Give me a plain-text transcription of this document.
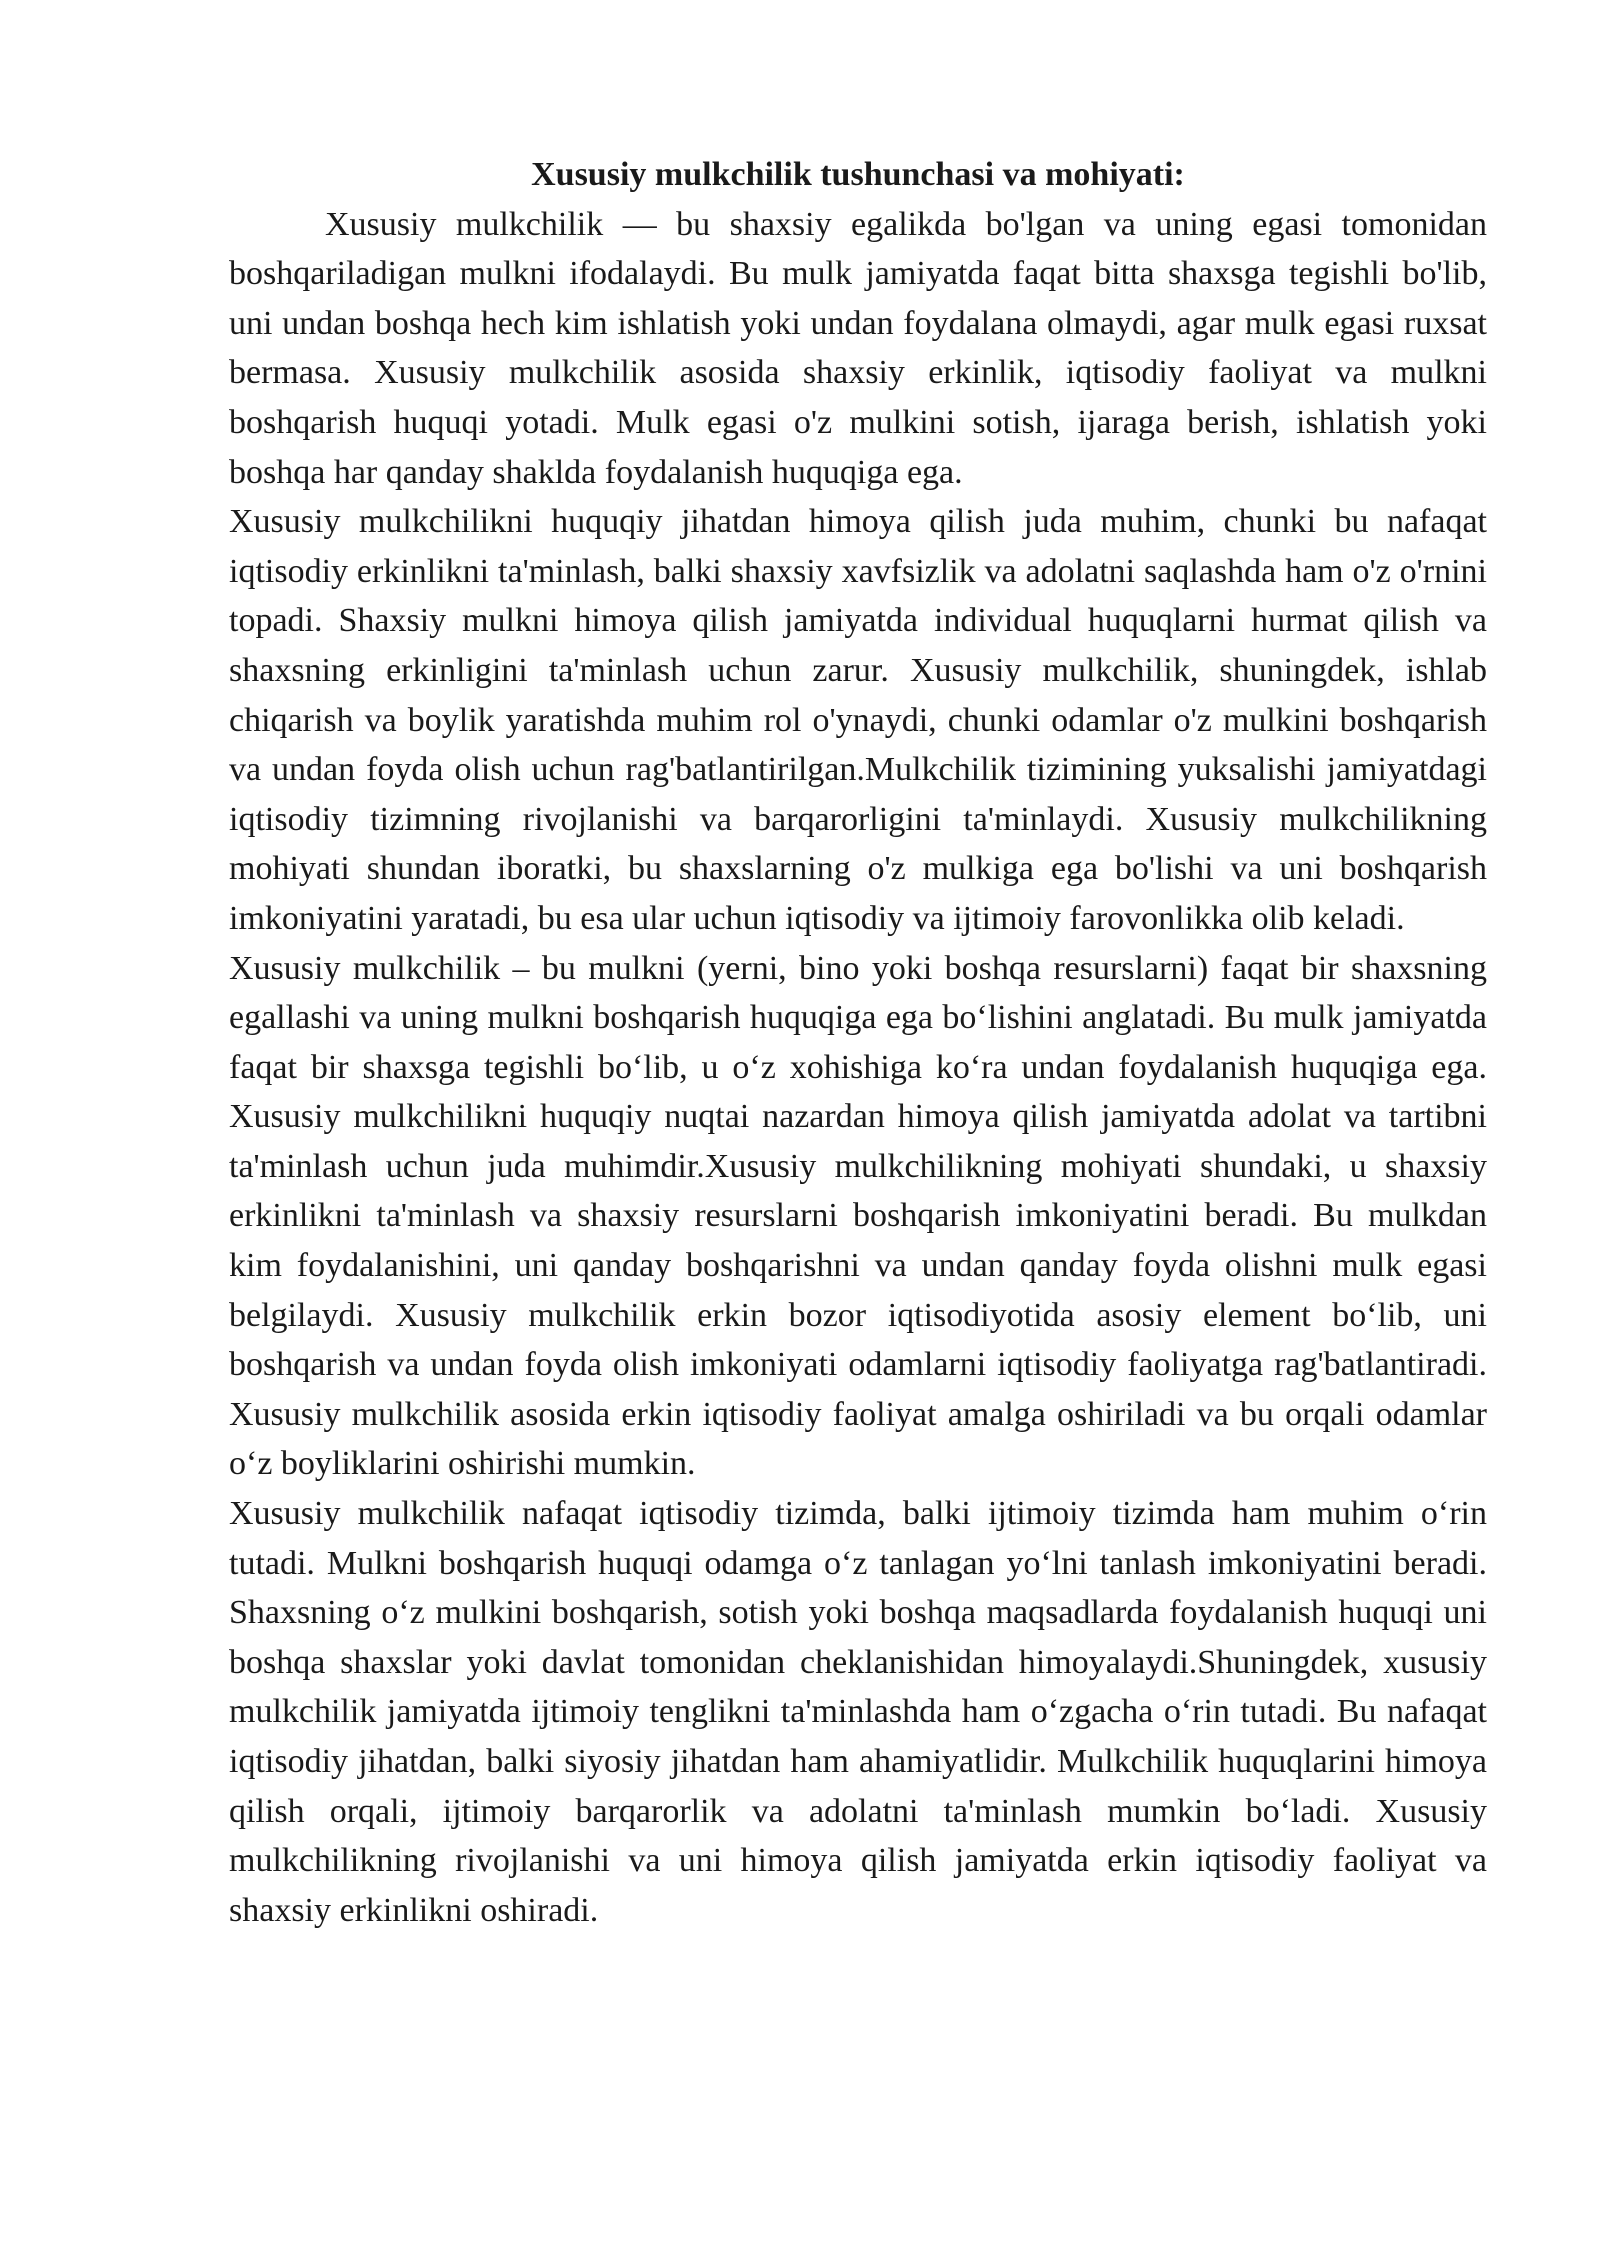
Xususiy mulkchilik tushunchasi va mohiyati:

Xususiy mulkchilik — bu shaxsiy egalikda bo'lgan va uning egasi tomonidan boshqariladigan mulkni ifodalaydi. Bu mulk jamiyatda faqat bitta shaxsga tegishli bo'lib, uni undan boshqa hech kim ishlatish yoki undan foydalana olmaydi, agar mulk egasi ruxsat bermasa. Xususiy mulkchilik asosida shaxsiy erkinlik, iqtisodiy faoliyat va mulkni boshqarish huquqi yotadi. Mulk egasi o'z mulkini sotish, ijaraga berish, ishlatish yoki boshqa har qanday shaklda foydalanish huquqiga ega.

Xususiy mulkchilikni huquqiy jihatdan himoya qilish juda muhim, chunki bu nafaqat iqtisodiy erkinlikni ta'minlash, balki shaxsiy xavfsizlik va adolatni saqlashda ham o'z o'rnini topadi. Shaxsiy mulkni himoya qilish jamiyatda individual huquqlarni hurmat qilish va shaxsning erkinligini ta'minlash uchun zarur. Xususiy mulkchilik, shuningdek, ishlab chiqarish va boylik yaratishda muhim rol o'ynaydi, chunki odamlar o'z mulkini boshqarish va undan foyda olish uchun rag'batlantirilgan.Mulkchilik tizimining yuksalishi jamiyatdagi iqtisodiy tizimning rivojlanishi va barqarorligini ta'minlaydi. Xususiy mulkchilikning mohiyati shundan iboratki, bu shaxslarning o'z mulkiga ega bo'lishi va uni boshqarish imkoniyatini yaratadi, bu esa ular uchun iqtisodiy va ijtimoiy farovonlikka olib keladi.

Xususiy mulkchilik – bu mulkni (yerni, bino yoki boshqa resurslarni) faqat bir shaxsning egallashi va uning mulkni boshqarish huquqiga ega boʻlishini anglatadi. Bu mulk jamiyatda faqat bir shaxsga tegishli boʻlib, u oʻz xohishiga koʻra undan foydalanish huquqiga ega. Xususiy mulkchilikni huquqiy nuqtai nazardan himoya qilish jamiyatda adolat va tartibni ta'minlash uchun juda muhimdir.Xususiy mulkchilikning mohiyati shundaki, u shaxsiy erkinlikni ta'minlash va shaxsiy resurslarni boshqarish imkoniyatini beradi. Bu mulkdan kim foydalanishini, uni qanday boshqarishni va undan qanday foyda olishni mulk egasi belgilaydi. Xususiy mulkchilik erkin bozor iqtisodiyotida asosiy element boʻlib, uni boshqarish va undan foyda olish imkoniyati odamlarni iqtisodiy faoliyatga rag'batlantiradi. Xususiy mulkchilik asosida erkin iqtisodiy faoliyat amalga oshiriladi va bu orqali odamlar oʻz boyliklarini oshirishi mumkin.

Xususiy mulkchilik nafaqat iqtisodiy tizimda, balki ijtimoiy tizimda ham muhim oʻrin tutadi. Mulkni boshqarish huquqi odamga oʻz tanlagan yoʻlni tanlash imkoniyatini beradi. Shaxsning oʻz mulkini boshqarish, sotish yoki boshqa maqsadlarda foydalanish huquqi uni boshqa shaxslar yoki davlat tomonidan cheklanishidan himoyalaydi.Shuningdek, xususiy mulkchilik jamiyatda ijtimoiy tenglikni ta'minlashda ham oʻzgacha oʻrin tutadi. Bu nafaqat iqtisodiy jihatdan, balki siyosiy jihatdan ham ahamiyatlidir. Mulkchilik huquqlarini himoya qilish orqali, ijtimoiy barqarorlik va adolatni ta'minlash mumkin boʻladi. Xususiy mulkchilikning rivojlanishi va uni himoya qilish jamiyatda erkin iqtisodiy faoliyat va shaxsiy erkinlikni oshiradi.
